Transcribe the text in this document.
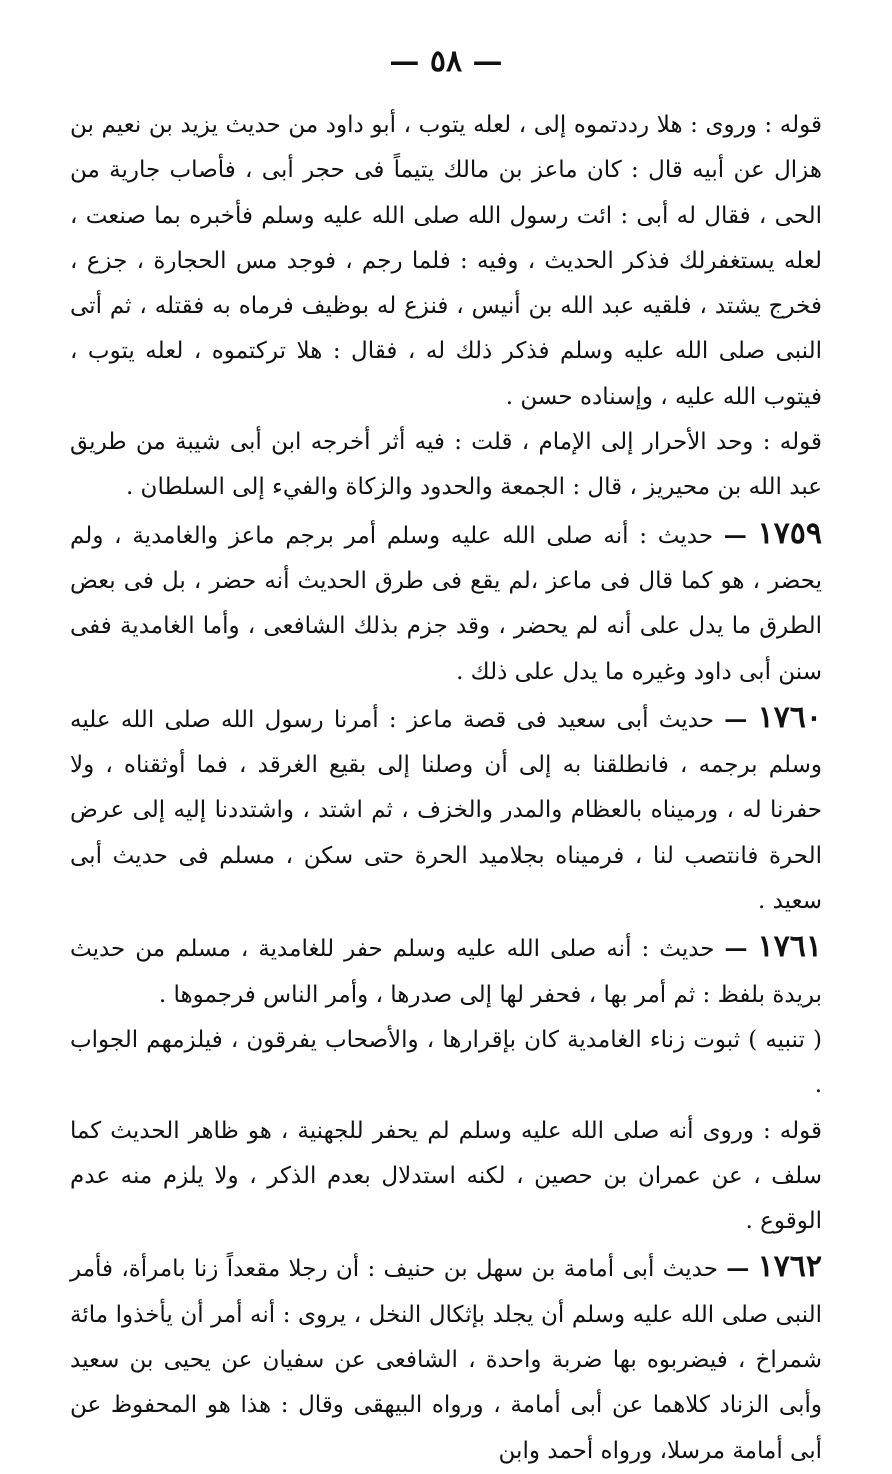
— ٥٨ —

قوله : وروى : هلا رددتموه إلى ، لعله يتوب ، أبو داود من حديث يزيد بن نعيم بن هزال عن أبيه قال : كان ماعز بن مالك يتيماً فى حجر أبى ، فأصاب جارية من الحى ، فقال له أبى : ائت رسول الله صلى الله عليه وسلم فأخبره بما صنعت ، لعله يستغفرلك فذكر الحديث ، وفيه : فلما رجم ، فوجد مس الحجارة ، جزع ، فخرج يشتد ، فلقيه عبد الله بن أنيس ، فنزع له بوظيف فرماه به فقتله ، ثم أتى النبى صلى الله عليه وسلم فذكر ذلك له ، فقال : هلا تركتموه ، لعله يتوب ، فيتوب الله عليه ، وإسناده حسن .

قوله : وحد الأحرار إلى الإمام ، قلت : فيه أثر أخرجه ابن أبى شيبة من طريق عبد الله بن محيريز ، قال : الجمعة والحدود والزكاة والفيء إلى السلطان .

١٧٥٩ — حديث : أنه صلى الله عليه وسلم أمر برجم ماعز والغامدية ، ولم يحضر ، هو كما قال فى ماعز ،لم يقع فى طرق الحديث أنه حضر ، بل فى بعض الطرق ما يدل على أنه لم يحضر ، وقد جزم بذلك الشافعى ، وأما الغامدية ففى سنن أبى داود وغيره ما يدل على ذلك .

١٧٦٠ — حديث أبى سعيد فى قصة ماعز : أمرنا رسول الله صلى الله عليه وسلم برجمه ، فانطلقنا به إلى أن وصلنا إلى بقيع الغرقد ، فما أوثقناه ، ولا حفرنا له ، ورميناه بالعظام والمدر والخزف ، ثم اشتد ، واشتددنا إليه إلى عرض الحرة فانتصب لنا ، فرميناه بجلاميد الحرة حتى سكن ، مسلم فى حديث أبى سعيد .

١٧٦١ — حديث : أنه صلى الله عليه وسلم حفر للغامدية ، مسلم من حديث بريدة بلفظ : ثم أمر بها ، فحفر لها إلى صدرها ، وأمر الناس فرجموها .

( تنبيه ) ثبوت زناء الغامدية كان بإقرارها ، والأصحاب يفرقون ، فيلزمهم الجواب .

قوله : وروى أنه صلى الله عليه وسلم لم يحفر للجهنية ، هو ظاهر الحديث كما سلف ، عن عمران بن حصين ، لكنه استدلال بعدم الذكر ، ولا يلزم منه عدم الوقوع .

١٧٦٢ — حديث أبى أمامة بن سهل بن حنيف : أن رجلا مقعداً زنا بامرأة، فأمر النبى صلى الله عليه وسلم أن يجلد بإثكال النخل ، يروى : أنه أمر أن يأخذوا مائة شمراخ ، فيضربوه بها ضربة واحدة ، الشافعى عن سفيان عن يحيى بن سعيد وأبى الزناد كلاهما عن أبى أمامة ، ورواه البيهقى وقال : هذا هو المحفوظ عن أبى أمامة مرسلا، ورواه أحمد وابن
